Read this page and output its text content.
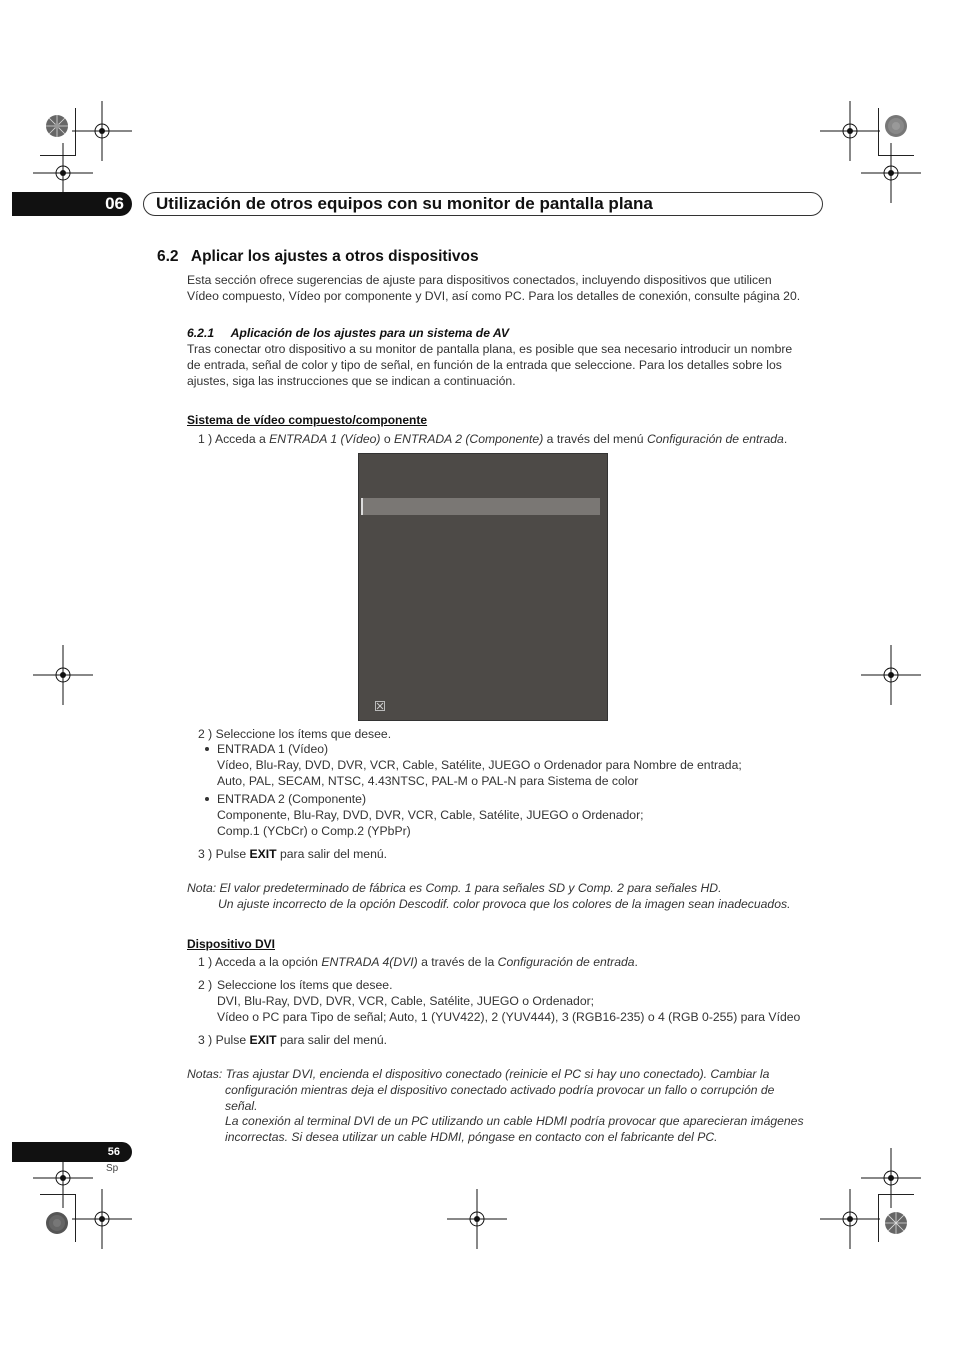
06 Utilización de otros equipos con su monitor de pantalla plana
6.2   Aplicar los ajustes a otros dispositivos
Esta sección ofrece sugerencias de ajuste para dispositivos conectados, incluyendo dispositivos que utilicen
Vídeo compuesto, Vídeo por componente y DVI, así como PC. Para los detalles de conexión, consulte página 20.
6.2.1     Aplicación de los ajustes para un sistema de AV
Tras conectar otro dispositivo a su monitor de pantalla plana, es posible que sea necesario introducir un nombre
de entrada, señal de color y tipo de señal, en función de la entrada que seleccione. Para los detalles sobre los
ajustes, siga las instrucciones que se indican a continuación.
Sistema de vídeo compuesto/componente
1 ) Acceda a ENTRADA 1 (Vídeo) o ENTRADA 2 (Componente) a través del menú Configuración de entrada.
2 ) Seleccione los ítems que desee.
ENTRADA 1 (Vídeo)
Vídeo, Blu-Ray, DVD, DVR, VCR, Cable, Satélite, JUEGO o Ordenador para Nombre de entrada;
Auto, PAL, SECAM, NTSC, 4.43NTSC, PAL-M o PAL-N para Sistema de color
ENTRADA 2 (Componente)
Componente, Blu-Ray, DVD, DVR, VCR, Cable, Satélite, JUEGO o Ordenador;
Comp.1 (YCbCr) o Comp.2 (YPbPr)
3 ) Pulse EXIT para salir del menú.
Nota: El valor predeterminado de fábrica es Comp. 1 para señales SD y Comp. 2 para señales HD.
Un ajuste incorrecto de la opción Descodif. color provoca que los colores de la imagen sean inadecuados.
Dispositivo DVI
1 ) Acceda a la opción ENTRADA 4(DVI) a través de la Configuración de entrada.
2 ) Seleccione los ítems que desee.
DVI, Blu-Ray, DVD, DVR, VCR, Cable, Satélite, JUEGO o Ordenador;
Vídeo o PC para Tipo de señal; Auto, 1 (YUV422), 2 (YUV444), 3 (RGB16-235) o 4 (RGB 0-255) para Vídeo
3 ) Pulse EXIT para salir del menú.
Notas: Tras ajustar DVI, encienda el dispositivo conectado (reinicie el PC si hay uno conectado). Cambiar la
configuración mientras deja el dispositivo conectado activado podría provocar un fallo o corrupción de
señal.
La conexión al terminal DVI de un PC utilizando un cable HDMI podría provocar que aparecieran imágenes
incorrectas. Si desea utilizar un cable HDMI, póngase en contacto con el fabricante del PC.
56
Sp
